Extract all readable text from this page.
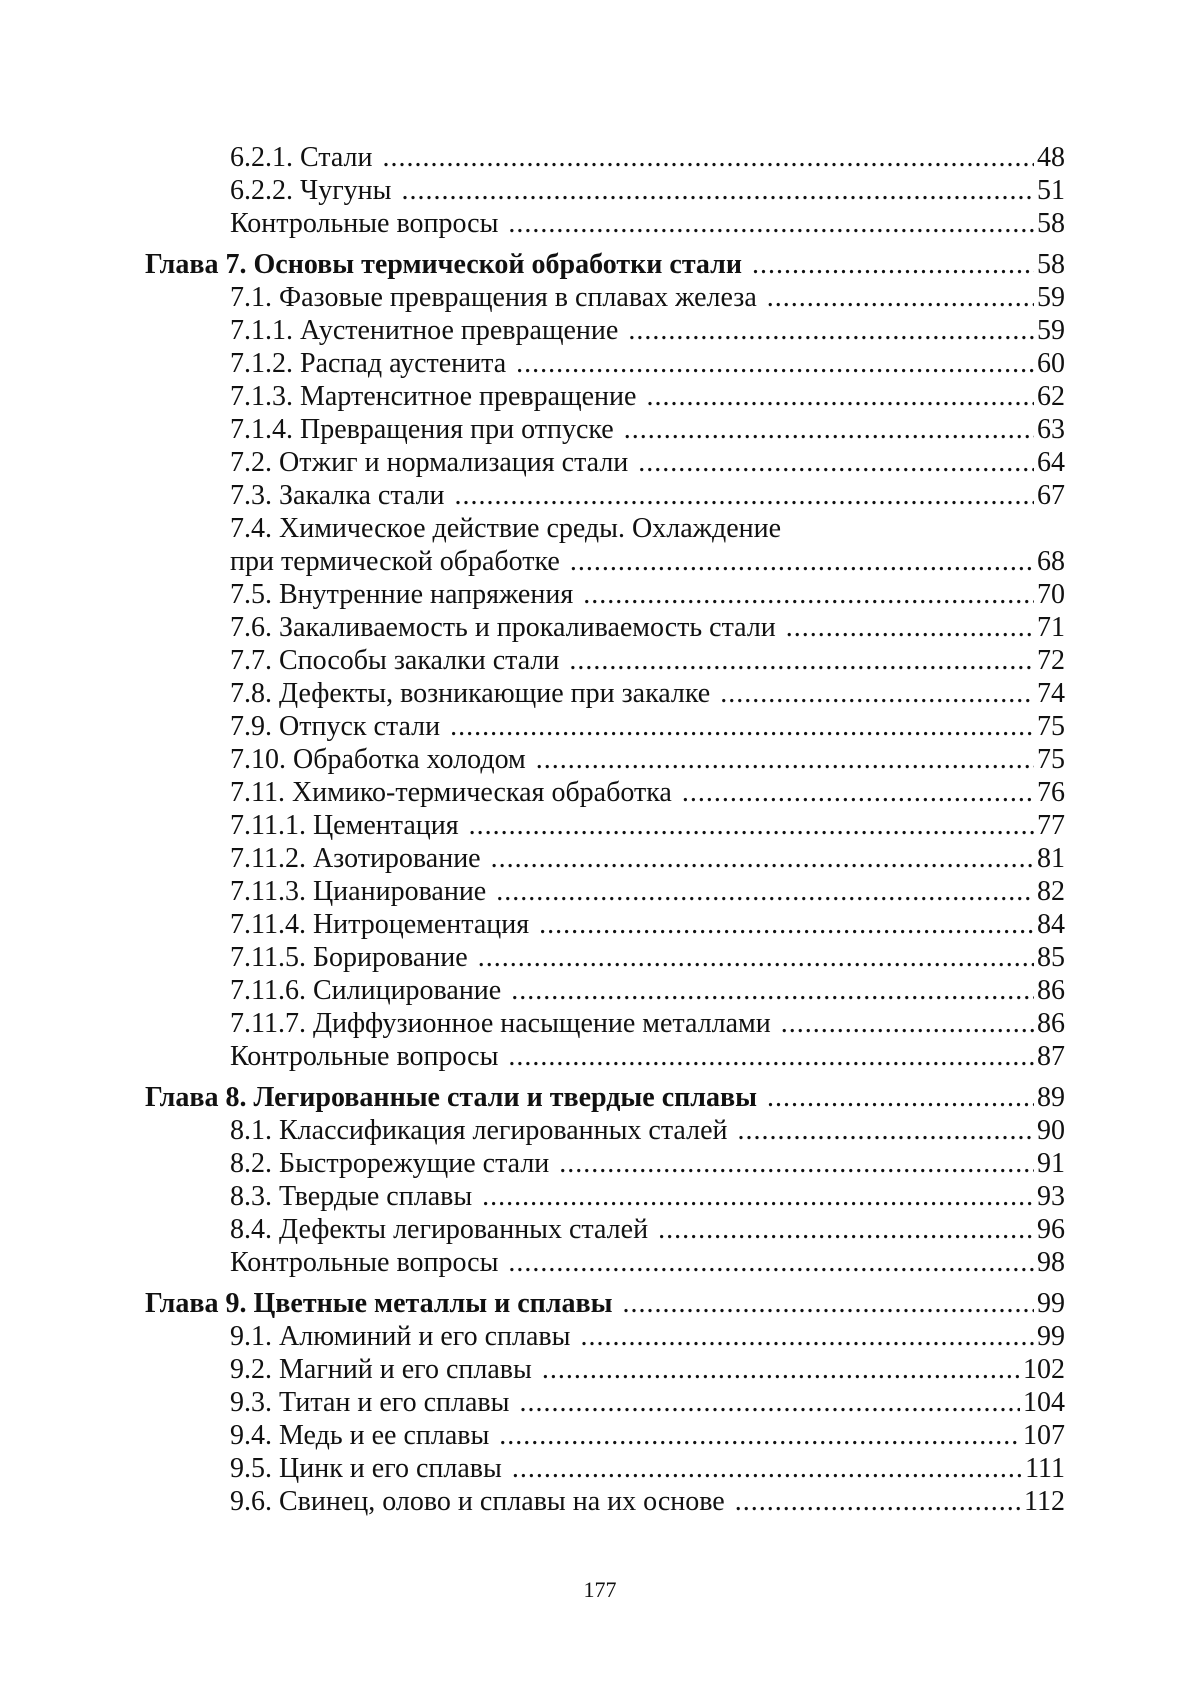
6.2.1. Стали .....	48
6.2.2. Чугуны .....	51
Контрольные вопросы .....	58
Глава 7. Основы термической обработки стали .....	58
7.1. Фазовые превращения в сплавах железа .....	59
7.1.1. Аустенитное превращение .....	59
7.1.2. Распад аустенита .....	60
7.1.3. Мартенситное превращение .....	62
7.1.4. Превращения при отпуске .....	63
7.2. Отжиг и нормализация стали .....	64
7.3. Закалка стали .....	67
7.4. Химическое действие среды. Охлаждение
при термической обработке .....	68
7.5. Внутренние напряжения .....	70
7.6. Закаливаемость и прокаливаемость стали .....	71
7.7. Способы закалки стали .....	72
7.8. Дефекты, возникающие при закалке .....	74
7.9. Отпуск стали .....	75
7.10. Обработка холодом .....	75
7.11. Химико-термическая обработка .....	76
7.11.1. Цементация .....	77
7.11.2. Азотирование .....	81
7.11.3. Цианирование .....	82
7.11.4. Нитроцементация .....	84
7.11.5. Борирование .....	85
7.11.6. Силицирование .....	86
7.11.7. Диффузионное насыщение металлами .....	86
Контрольные вопросы .....	87
Глава 8. Легированные стали и твердые сплавы .....	89
8.1. Классификация легированных сталей .....	90
8.2. Быстрорежущие стали .....	91
8.3. Твердые сплавы .....	93
8.4. Дефекты легированных сталей .....	96
Контрольные вопросы .....	98
Глава 9. Цветные металлы и сплавы .....	99
9.1. Алюминий и его сплавы .....	99
9.2. Магний и его сплавы .....	102
9.3. Титан и его сплавы .....	104
9.4. Медь и ее сплавы .....	107
9.5. Цинк и его сплавы .....	111
9.6. Свинец, олово и сплавы на их основе .....	112
177
